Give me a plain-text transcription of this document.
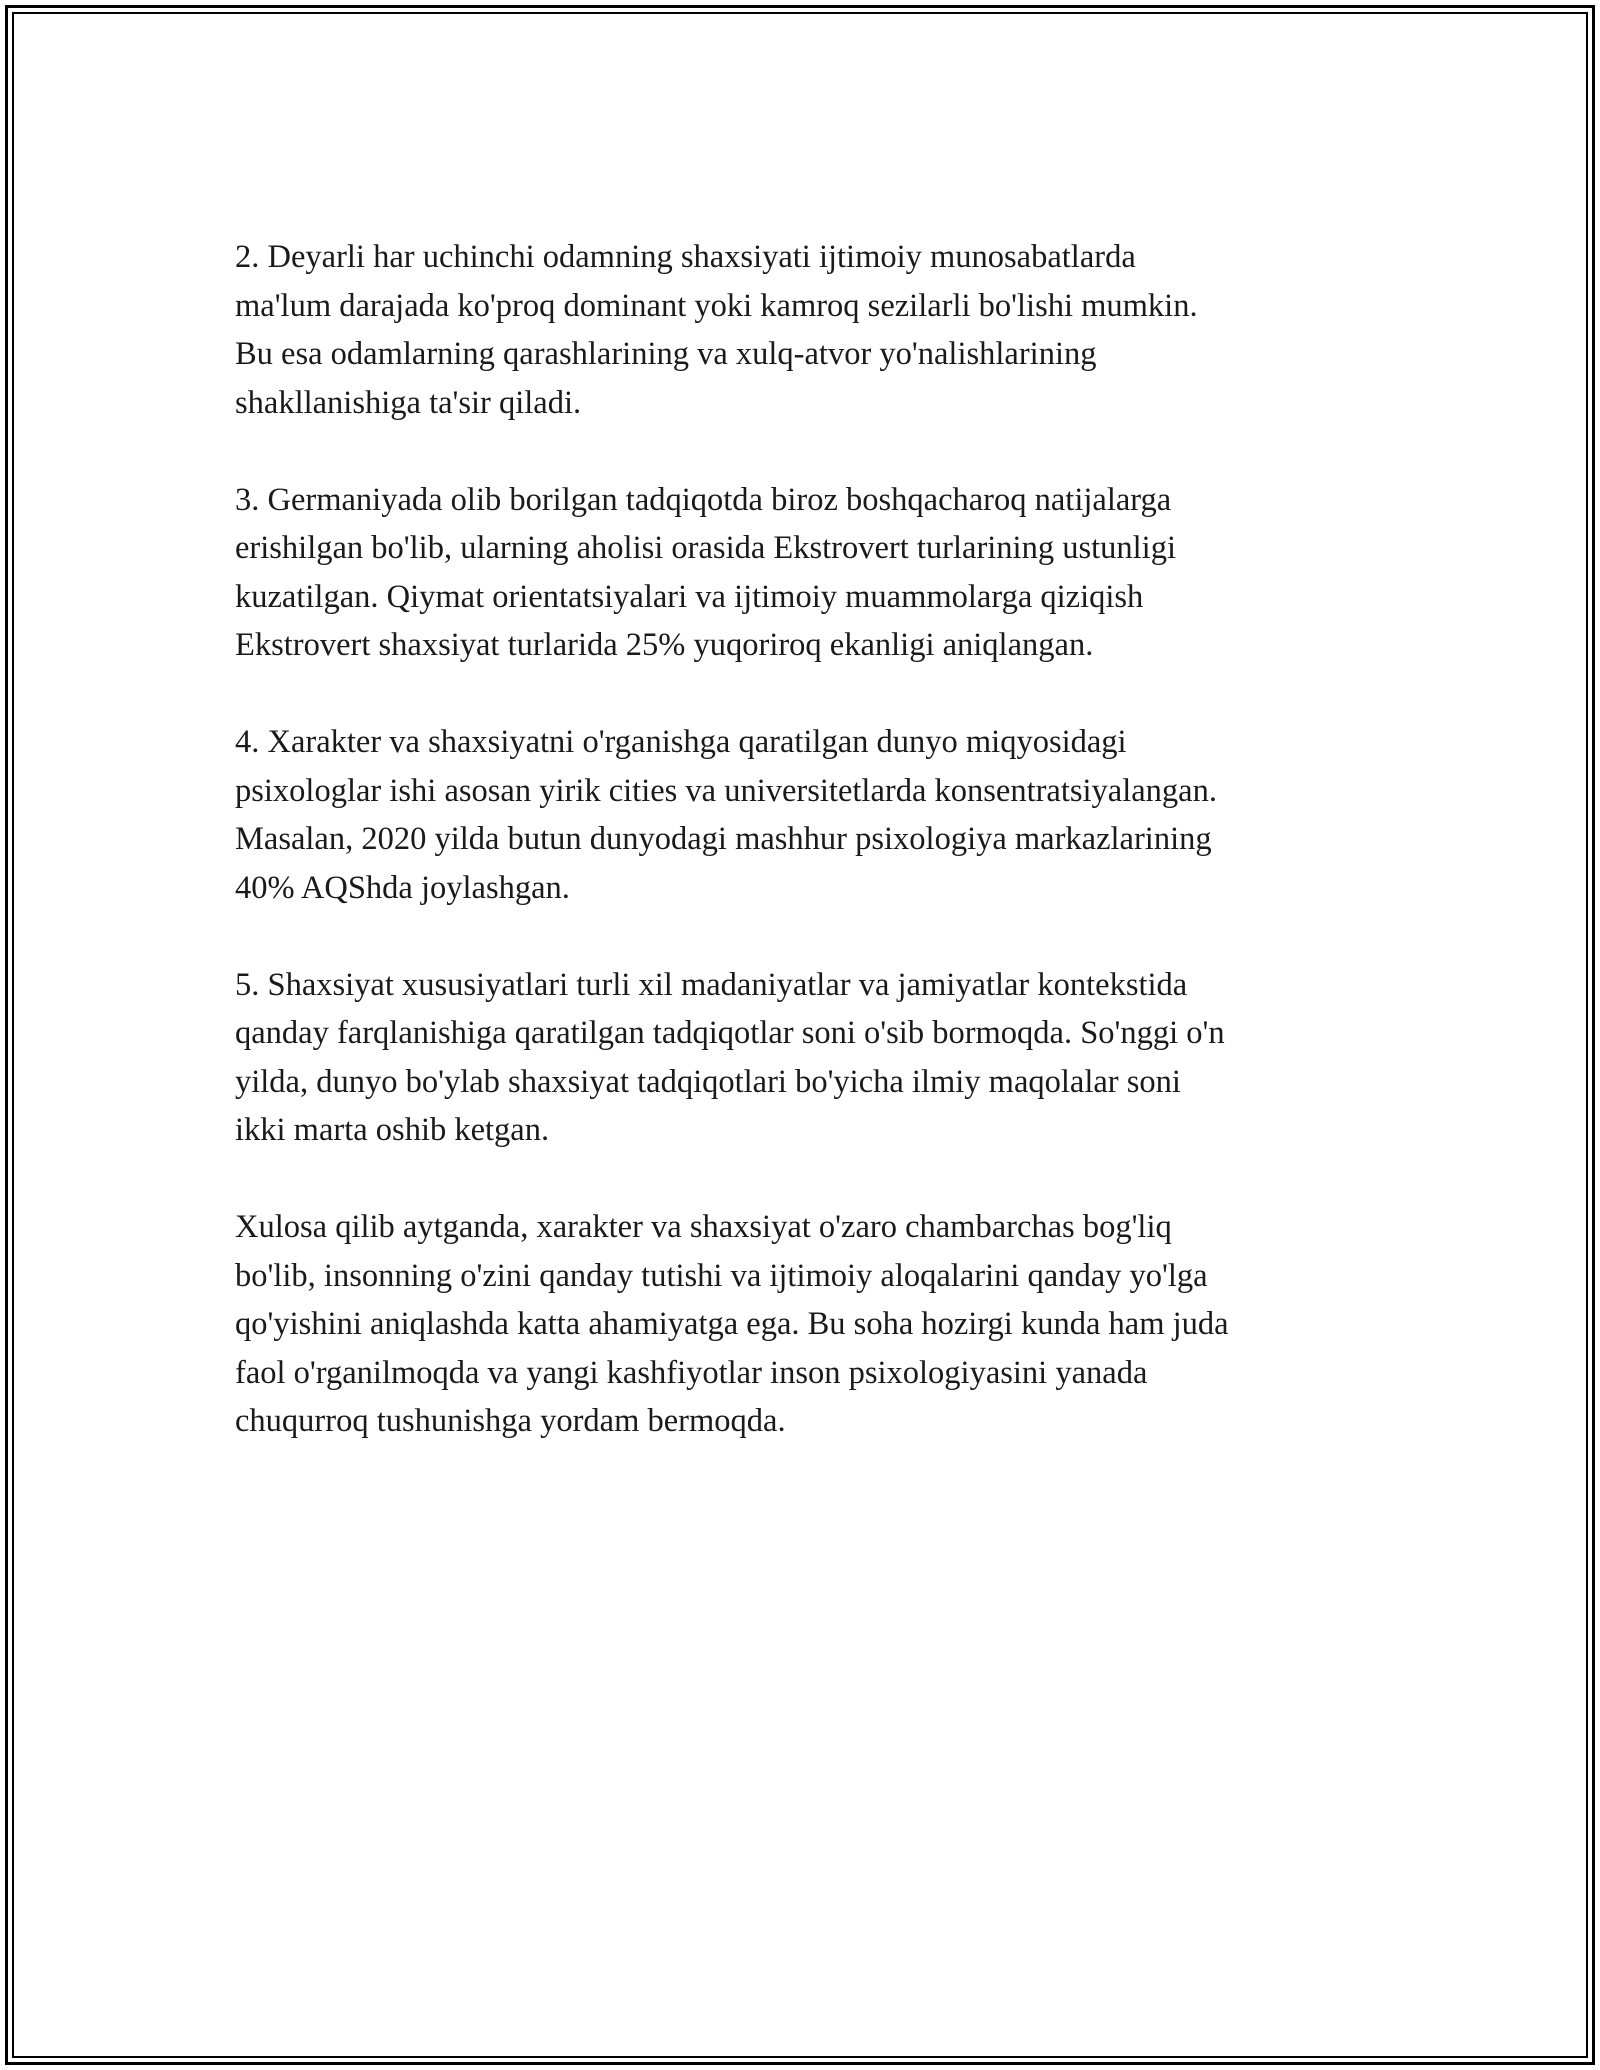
2. Deyarli har uchinchi odamning shaxsiyati ijtimoiy munosabatlarda
ma'lum darajada ko'proq dominant yoki kamroq sezilarli bo'lishi mumkin.
Bu esa odamlarning qarashlarining va xulq-atvor yo'nalishlarining
shakllanishiga ta'sir qiladi.

3. Germaniyada olib borilgan tadqiqotda biroz boshqacharoq natijalarga
erishilgan bo'lib, ularning aholisi orasida Ekstrovert turlarining ustunligi
kuzatilgan. Qiymat orientatsiyalari va ijtimoiy muammolarga qiziqish
Ekstrovert shaxsiyat turlarida 25% yuqoriroq ekanligi aniqlangan.

4. Xarakter va shaxsiyatni o'rganishga qaratilgan dunyo miqyosidagi
psixologlar ishi asosan yirik cities va universitetlarda konsentratsiyalangan.
Masalan, 2020 yilda butun dunyodagi mashhur psixologiya markazlarining
40% AQShda joylashgan.

5. Shaxsiyat xususiyatlari turli xil madaniyatlar va jamiyatlar kontekstida
qanday farqlanishiga qaratilgan tadqiqotlar soni o'sib bormoqda. So'nggi o'n
yilda, dunyo bo'ylab shaxsiyat tadqiqotlari bo'yicha ilmiy maqolalar soni
ikki marta oshib ketgan.

Xulosa qilib aytganda, xarakter va shaxsiyat o'zaro chambarchas bog'liq
bo'lib, insonning o'zini qanday tutishi va ijtimoiy aloqalarini qanday yo'lga
qo'yishini aniqlashda katta ahamiyatga ega. Bu soha hozirgi kunda ham juda
faol o'rganilmoqda va yangi kashfiyotlar inson psixologiyasini yanada
chuqurroq tushunishga yordam bermoqda.
